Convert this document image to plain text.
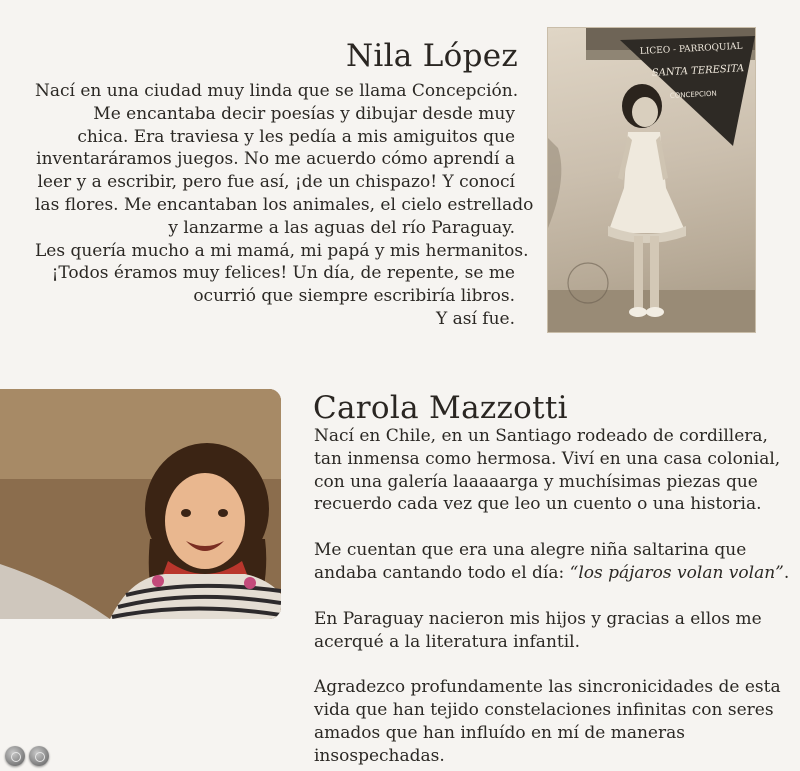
Nila López
Nací en una ciudad muy linda que se llama Concepción.
Me encantaba decir poesías y dibujar desde muy
chica. Era traviesa y les pedía a mis amiguitos que
inventaráramos juegos. No me acuerdo cómo aprendí a
leer y a escribir, pero fue así, ¡de un chispazo! Y conocí
las flores. Me encantaban los animales, el cielo estrellado
y lanzarme a las aguas del río Paraguay.
Les quería mucho a mi mamá, mi papá y mis hermanitos.
¡Todos éramos muy felices! Un día, de repente, se me
ocurrió que siempre escribiría libros.
Y así fue.
LICEO - PARROQUIAL
SANTA TERESITA
CONCEPCION
Carola Mazzotti

Nací en Chile, en un Santiago rodeado de cordillera, tan inmensa como hermosa. Viví en una casa colonial, con una galería laaaaarga y muchísimas piezas que recuerdo cada vez que leo un cuento o una historia.

Me cuentan que era una alegre niña saltarina que andaba cantando todo el día: “los pájaros volan volan”.

En Paraguay nacieron mis hijos y gracias a ellos me acerqué a la literatura infantil.

Agradezco profundamente las sincronicidades de esta vida que han tejido constelaciones infinitas con seres amados que han influído en mí de maneras insospechadas.
